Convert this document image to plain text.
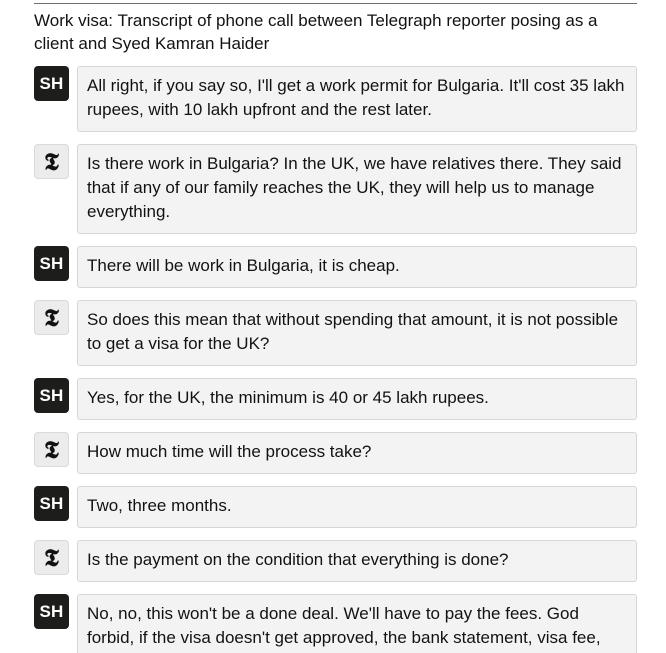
Work visa: Transcript of phone call between Telegraph reporter posing as a client and Syed Kamran Haider
SH	All right, if you say so, I'll get a work permit for Bulgaria. It'll cost 35 lakh rupees, with 10 lakh upfront and the rest later.
𝕿	Is there work in Bulgaria? In the UK, we have relatives there. They said that if any of our family reaches the UK, they will help us to manage everything.
SH	There will be work in Bulgaria, it is cheap.
𝕿	So does this mean that without spending that amount, it is not possible to get a visa for the UK?
SH	Yes, for the UK, the minimum is 40 or 45 lakh rupees.
𝕿	How much time will the process take?
SH	Two, three months.
𝕿	Is the payment on the condition that everything is done?
SH	No, no, this won't be a done deal. We'll have to pay the fees. God forbid, if the visa doesn't get approved, the bank statement, visa fee,
